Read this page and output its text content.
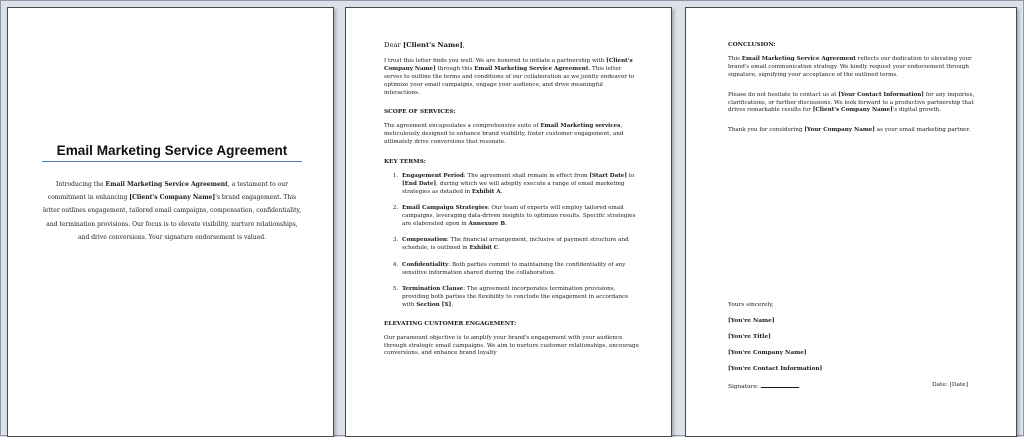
Email Marketing Service Agreement
Introducing the Email Marketing Service Agreement, a testament to our commitment in enhancing [Client's Company Name]'s brand engagement. This letter outlines engagement, tailored email campaigns, compensation, confidentiality, and termination provisions. Our focus is to elevate visibility, nurture relationships, and drive conversions. Your signature endorsement is valued.
Dear [Client's Name],

I trust this letter finds you well. We are honored to initiate a partnership with [Client's Company Name] through this Email Marketing Service Agreement. This letter serves to outline the terms and conditions of our collaboration as we jointly endeavor to optimize your email campaigns, engage your audience, and drive meaningful interactions.

SCOPE OF SERVICES:

The agreement encapsulates a comprehensive suite of Email Marketing services, meticulously designed to enhance brand visibility, foster customer engagement, and ultimately drive conversions that resonate.

KEY TERMS:
1. Engagement Period: The agreement shall remain in effect from [Start Date] to [End Date], during which we will adeptly execute a range of email marketing strategies as detailed in Exhibit A.
2. Email Campaign Strategies: Our team of experts will employ tailored email campaigns, leveraging data-driven insights to optimize results. Specific strategies are elaborated upon in Annexure B.
3. Compensation: The financial arrangement, inclusive of payment structure and schedule, is outlined in Exhibit C.
4. Confidentiality: Both parties commit to maintaining the confidentiality of any sensitive information shared during the collaboration.
5. Termination Clause: The agreement incorporates termination provisions, providing both parties the flexibility to conclude the engagement in accordance with Section [X].
ELEVATING CUSTOMER ENGAGEMENT:

Our paramount objective is to amplify your brand's engagement with your audience through strategic email campaigns. We aim to nurture customer relationships, encourage conversions, and enhance brand loyalty

CONCLUSION:

This Email Marketing Service Agreement reflects our dedication to elevating your brand's email communication strategy. We kindly request your endorsement through signature, signifying your acceptance of the outlined terms.

Please do not hesitate to contact us at [Your Contact Information] for any inquiries, clarifications, or further discussions. We look forward to a productive partnership that drives remarkable results for [Client's Company Name]'s digital growth.

Thank you for considering [Your Company Name] as your email marketing partner.

Yours sincerely,
[You're Name]
[You're Title]
[You're Company Name]
[You're Contact Information]
Signature:	Date: [Date]
